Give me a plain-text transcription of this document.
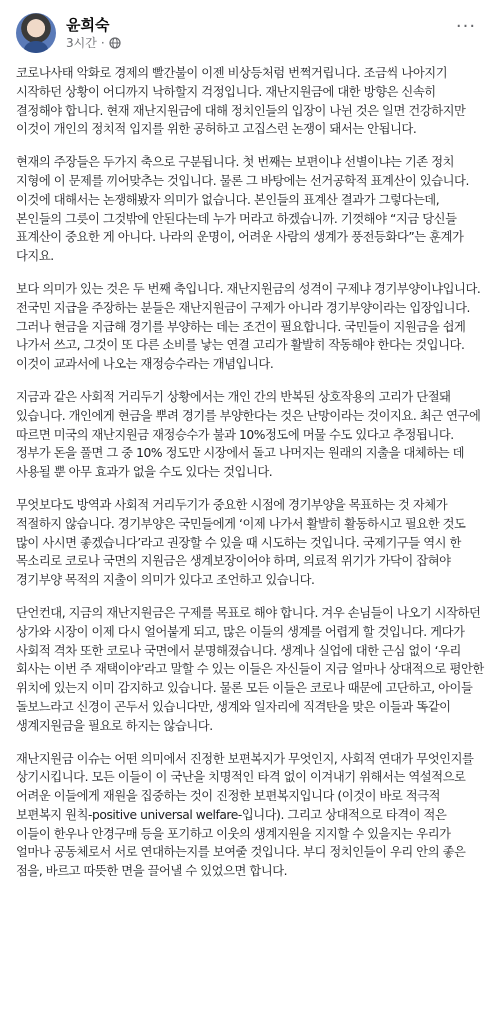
윤희숙
3시간 ·
···

코로나사태 악화로 경제의 빨간불이 이젠 비상등처럼 번쩍거립니다. 조금씩 나아지기 시작하던 상황이 어디까지 낙하할지 걱정입니다. 재난지원금에 대한 방향은 신속히 결정해야 합니다. 현재 재난지원금에 대해 정치인들의 입장이 나뉜 것은 일면 건강하지만 이것이 개인의 정치적 입지를 위한 공허하고 고집스런 논쟁이 돼서는 안됩니다.

현재의 주장들은 두가지 축으로 구분됩니다. 첫 번째는 보편이냐 선별이냐는 기존 정치 지형에 이 문제를 끼어맞추는 것입니다. 물론 그 바탕에는 선거공학적 표계산이 있습니다. 이것에 대해서는 논쟁해봤자 의미가 없습니다. 본인들의 표계산 결과가 그렇다는데, 본인들의 그릇이 그것밖에 안된다는데 누가 머라고 하겠습니까. 기껏해야 “지금 당신들 표계산이 중요한 게 아니다. 나라의 운명이, 어려운 사람의 생계가 풍전등화다”는 훈계가 다지요.

보다 의미가 있는 것은 두 번째 축입니다. 재난지원금의 성격이 구제냐 경기부양이냐입니다. 전국민 지급을 주장하는 분들은 재난지원금이 구제가 아니라 경기부양이라는 입장입니다. 그러나 현금을 지급해 경기를 부양하는 데는 조건이 필요합니다. 국민들이 지원금을 쉽게 나가서 쓰고, 그것이 또 다른 소비를 낳는 연결 고리가 활발히 작동해야 한다는 것입니다. 이것이 교과서에 나오는 재정승수라는 개념입니다.

지금과 같은 사회적 거리두기 상황에서는 개인 간의 반복된 상호작용의 고리가 단절돼 있습니다. 개인에게 현금을 뿌려 경기를 부양한다는 것은 난망이라는 것이지요. 최근 연구에 따르면 미국의 재난지원금 재정승수가 불과 10%정도에 머물 수도 있다고 추정됩니다. 정부가 돈을 풀면 그 중 10% 정도만 시장에서 돌고 나머지는 원래의 지출을 대체하는 데 사용될 뿐 아무 효과가 없을 수도 있다는 것입니다.

무엇보다도 방역과 사회적 거리두기가 중요한 시점에 경기부양을 목표하는 것 자체가 적절하지 않습니다. 경기부양은 국민들에게 ‘이제 나가서 활발히 활동하시고 필요한 것도 많이 사시면 좋겠습니다’라고 권장할 수 있을 때 시도하는 것입니다. 국제기구들 역시 한 목소리로 코로나 국면의 지원금은 생계보장이어야 하며, 의료적 위기가 가닥이 잡혀야 경기부양 목적의 지출이 의미가 있다고 조언하고 있습니다.

단언컨대, 지금의 재난지원금은 구제를 목표로 해야 합니다. 겨우 손님들이 나오기 시작하던 상가와 시장이 이제 다시 얼어붙게 되고, 많은 이들의 생계를 어렵게 할 것입니다. 게다가 사회적 격차 또한 코로나 국면에서 분명해졌습니다. 생계나 실업에 대한 근심 없이 ‘우리 회사는 이번 주 재택이야’라고 말할 수 있는 이들은 자신들이 지금 얼마나 상대적으로 평안한 위치에 있는지 이미 감지하고 있습니다. 물론 모든 이들은 코로나 때문에 고단하고, 아이들 돌보느라고 신경이 곤두서 있습니다만, 생계와 일자리에 직격탄을 맞은 이들과 똑같이 생계지원금을 필요로 하지는 않습니다.

재난지원금 이슈는 어떤 의미에서 진정한 보편복지가 무엇인지, 사회적 연대가 무엇인지를 상기시킵니다. 모든 이들이 이 국난을 치명적인 타격 없이 이겨내기 위해서는 역설적으로 어려운 이들에게 재원을 집중하는 것이 진정한 보편복지입니다 (이것이 바로 적극적 보편복지 원칙-positive universal welfare-입니다). 그리고 상대적으로 타격이 적은 이들이 한우나 안경구매 등을 포기하고 이웃의 생계지원을 지지할 수 있을지는 우리가 얼마나 공동체로서 서로 연대하는지를 보여줄 것입니다. 부디 정치인들이 우리 안의 좋은 점을, 바르고 따뜻한 면을 끌어낼 수 있었으면 합니다.
